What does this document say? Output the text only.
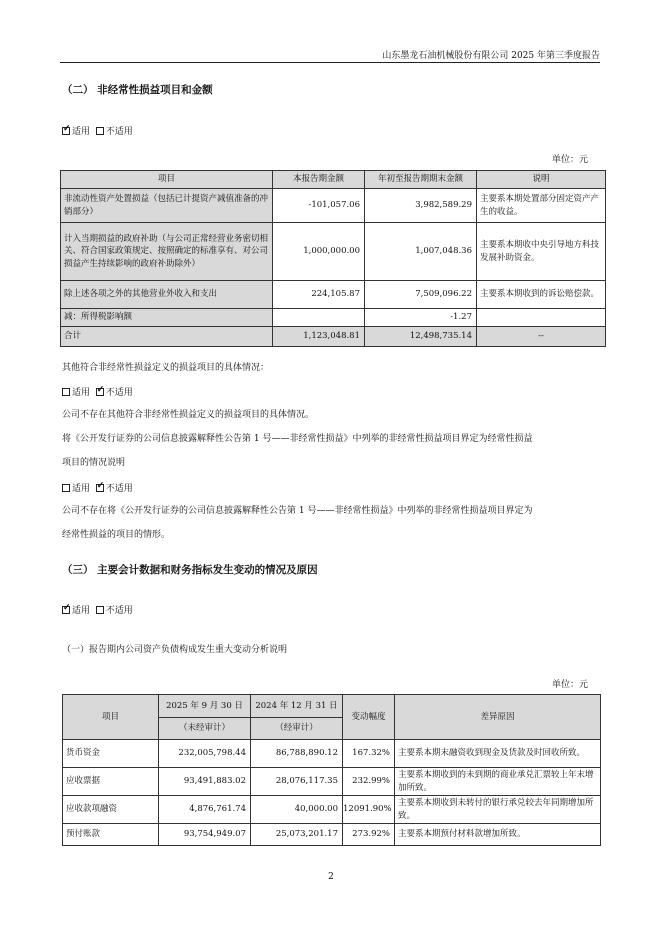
山东墨龙石油机械股份有限公司 2025 年第三季度报告
（二） 非经常性损益项目和金额
✓适用 不适用
单位：元
项目	本报告期金额	年初至报告期期末金额	说明
非流动性资产处置损益（包括已计提资产减值准备的冲销部分）	-101,057.06	3,982,589.29	主要系本期处置部分固定资产产生的收益。
计入当期损益的政府补助（与公司正常经营业务密切相关、符合国家政策规定、按照确定的标准享有、对公司损益产生持续影响的政府补助除外）	1,000,000.00	1,007,048.36	主要系本期收中央引导地方科技发展补助资金。
除上述各项之外的其他营业外收入和支出	224,105.87	7,509,096.22	主要系本期收到的诉讼赔偿款。
减：所得税影响额		-1.27	
合计	1,123,048.81	12,498,735.14	--
其他符合非经常性损益定义的损益项目的具体情况：
适用 ✓ 不适用
公司不存在其他符合非经常性损益定义的损益项目的具体情况。
将《公开发行证券的公司信息披露解释性公告第 1 号——非经常性损益》中列举的非经常性损益项目界定为经常性损益
项目的情况说明
适用 ✓ 不适用
公司不存在将《公开发行证券的公司信息披露解释性公告第 1 号——非经常性损益》中列举的非经常性损益项目界定为
经常性损益的项目的情形。
（三） 主要会计数据和财务指标发生变动的情况及原因
✓适用 不适用
（一）报告期内公司资产负债构成发生重大变动分析说明
单位：元
项目	2025 年 9 月 30 日	2024 年 12 月 31 日	变动幅度	差异原因
	（未经审计）	（经审计）		
货币资金	232,005,798.44	86,788,890.12	167.32%	主要系本期末融资收到现金及货款及时回收所致。
应收票据	93,491,883.02	28,076,117.35	232.99%	主要系本期收到的未到期的商业承兑汇票较上年末增加所致。
应收款项融资	4,876,761.74	40,000.00	12091.90%	主要系本期收到未转付的银行承兑较去年同期增加所致。
预付账款	93,754,949.07	25,073,201.17	273.92%	主要系本期预付材料款增加所致。
2
